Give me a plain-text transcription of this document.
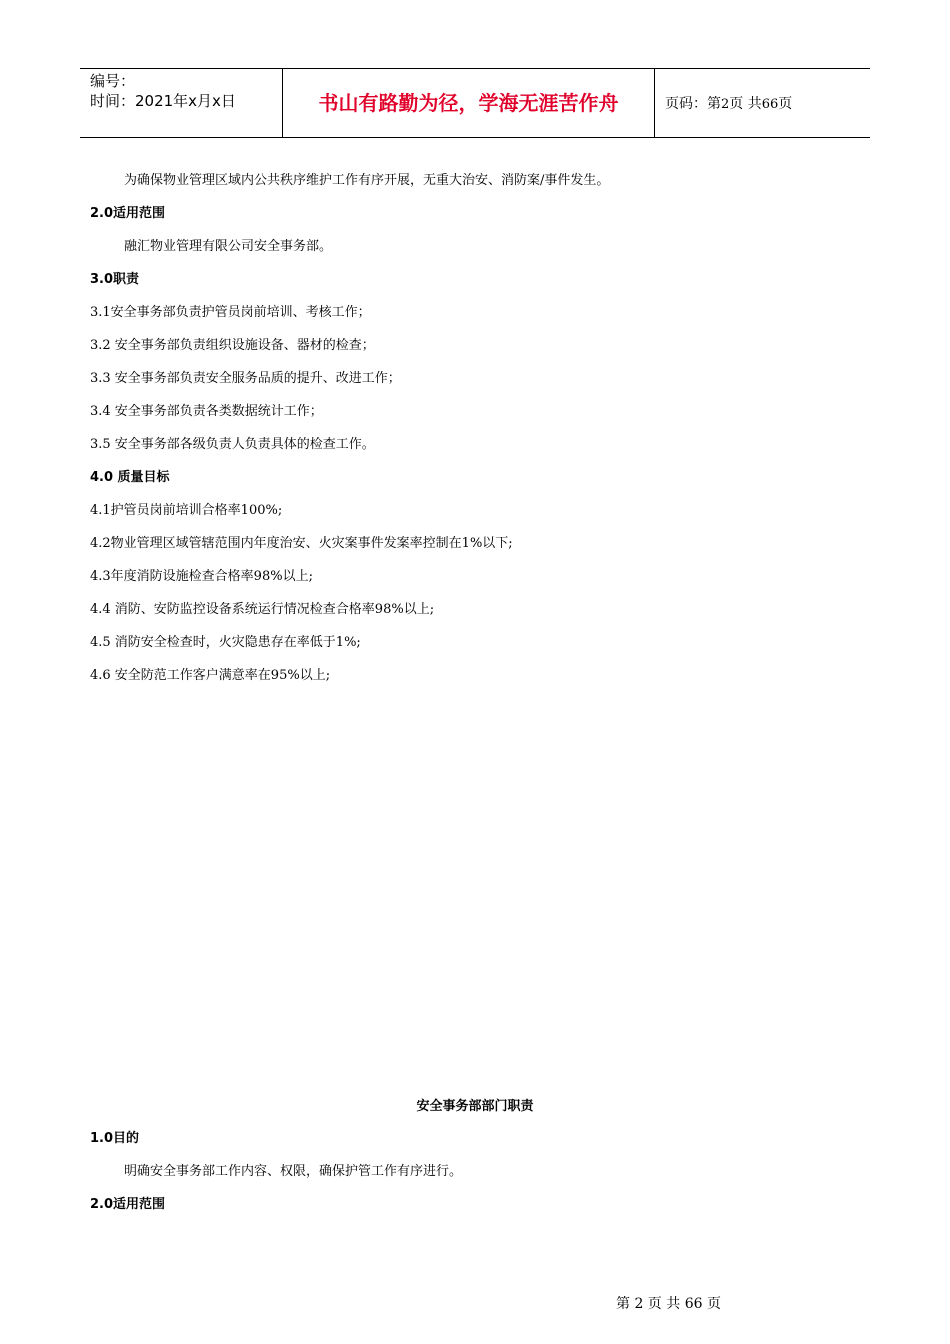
编号：
时间：2021年x月x日	书山有路勤为径，学海无涯苦作舟	页码：第2页 共66页
为确保物业管理区域内公共秩序维护工作有序开展，无重大治安、消防案/事件发生。
2.0适用范围
融汇物业管理有限公司安全事务部。
3.0职责
3.1安全事务部负责护管员岗前培训、考核工作；
3.2 安全事务部负责组织设施设备、器材的检查；
3.3 安全事务部负责安全服务品质的提升、改进工作；
3.4 安全事务部负责各类数据统计工作；
3.5 安全事务部各级负责人负责具体的检查工作。
4.0 质量目标
4.1护管员岗前培训合格率100%;
4.2物业管理区域管辖范围内年度治安、火灾案事件发案率控制在1%以下;
4.3年度消防设施检查合格率98%以上;
4.4 消防、安防监控设备系统运行情况检查合格率98%以上;
4.5 消防安全检查时，火灾隐患存在率低于1%;
4.6 安全防范工作客户满意率在95%以上;
安全事务部部门职责
1.0目的
明确安全事务部工作内容、权限，确保护管工作有序进行。
2.0适用范围
第 2 页 共 66 页
